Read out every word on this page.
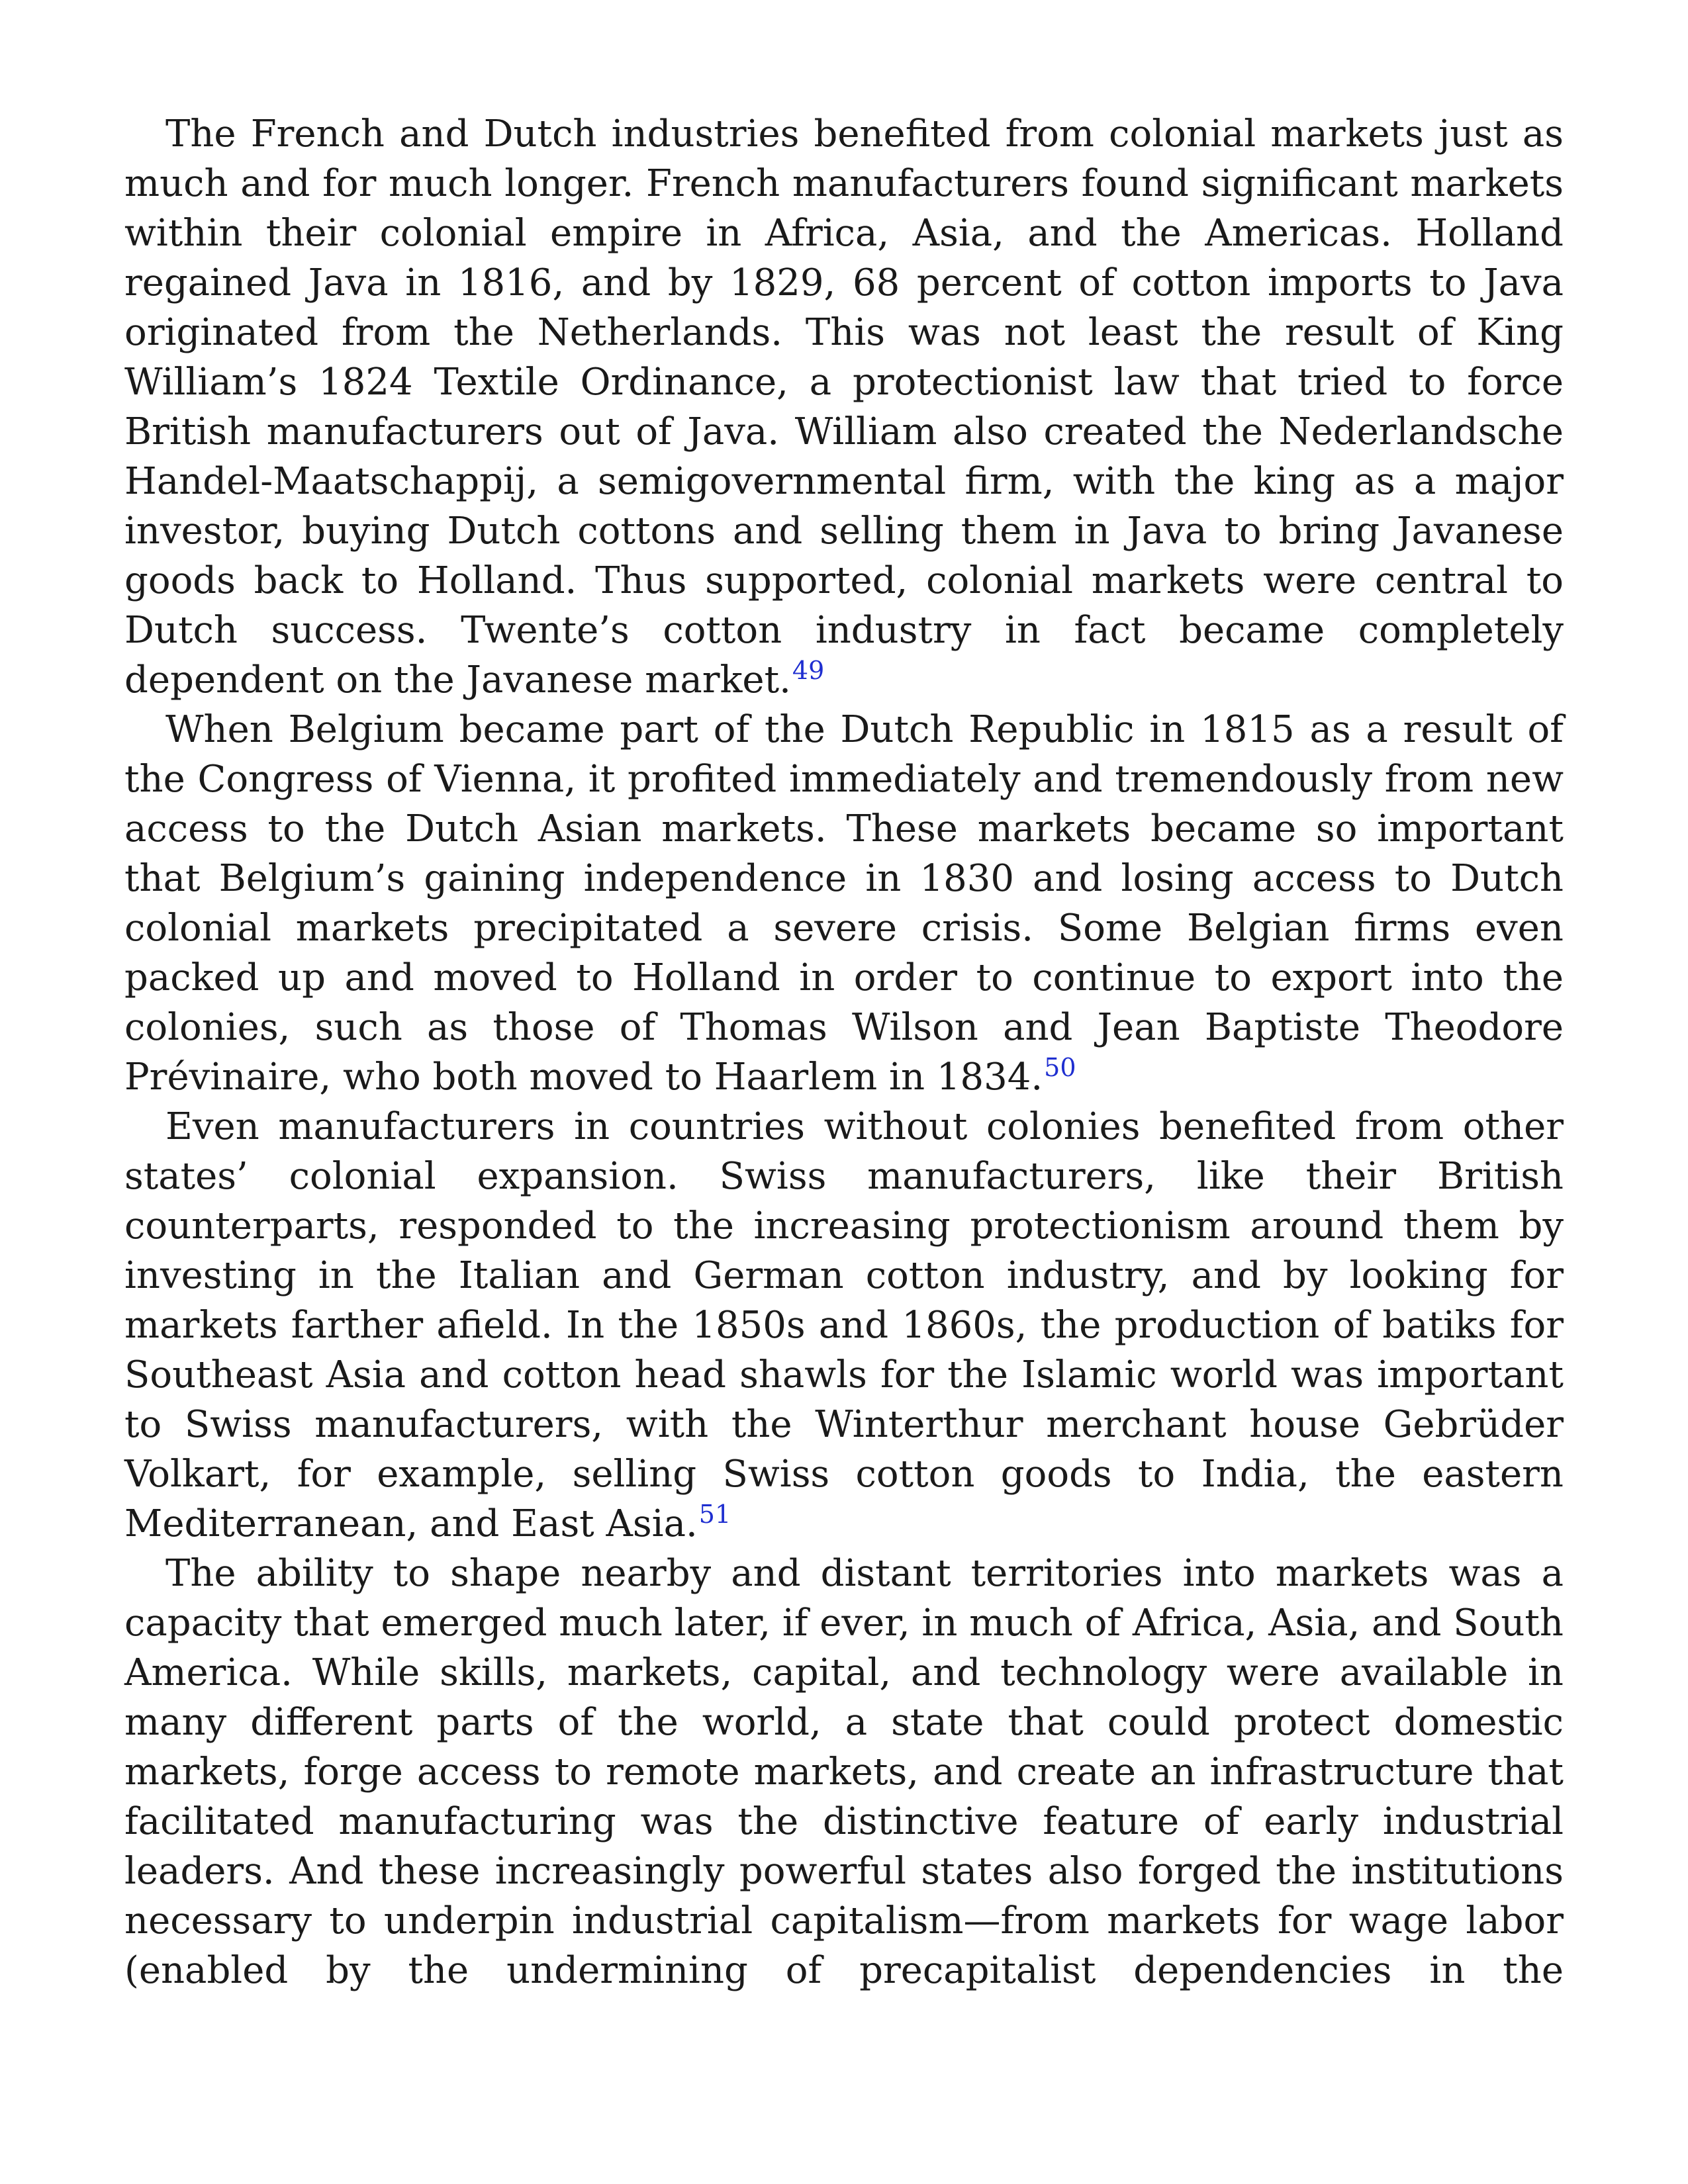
The French and Dutch industries benefited from colonial markets just as much and for much longer. French manufacturers found significant markets within their colonial empire in Africa, Asia, and the Americas. Holland regained Java in 1816, and by 1829, 68 percent of cotton imports to Java originated from the Netherlands. This was not least the result of King William’s 1824 Textile Ordinance, a protectionist law that tried to force British manufacturers out of Java. William also created the Nederlandsche Handel-Maatschappij, a semigovernmental firm, with the king as a major investor, buying Dutch cottons and selling them in Java to bring Javanese goods back to Holland. Thus supported, colonial markets were central to Dutch success. Twente’s cotton industry in fact became completely dependent on the Javanese market.$^{49}$

When Belgium became part of the Dutch Republic in 1815 as a result of the Congress of Vienna, it profited immediately and tremendously from new access to the Dutch Asian markets. These markets became so important that Belgium’s gaining independence in 1830 and losing access to Dutch colonial markets precipitated a severe crisis. Some Belgian firms even packed up and moved to Holland in order to continue to export into the colonies, such as those of Thomas Wilson and Jean Baptiste Theodore Prévinaire, who both moved to Haarlem in 1834.50

Even manufacturers in countries without colonies benefited from other states’ colonial expansion. Swiss manufacturers, like their British counterparts, responded to the increasing protectionism around them by investing in the Italian and German cotton industry, and by looking for markets farther afield. In the 1850s and 1860s, the production of batiks for Southeast Asia and cotton head shawls for the Islamic world was important to Swiss manufacturers, with the Winterthur merchant house Gebrüder Volkart, for example, selling Swiss cotton goods to India, the eastern Mediterranean, and East Asia.$^{51}$

The ability to shape nearby and distant territories into markets was a capacity that emerged much later, if ever, in much of Africa, Asia, and South America. While skills, markets, capital, and technology were available in many different parts of the world, a state that could protect domestic markets, forge access to remote markets, and create an infrastructure that facilitated manufacturing was the distinctive feature of early industrial leaders. And these increasingly powerful states also forged the institutions necessary to underpin industrial capitalism—from markets for wage labor (enabled by the undermining of precapitalist dependencies in the
